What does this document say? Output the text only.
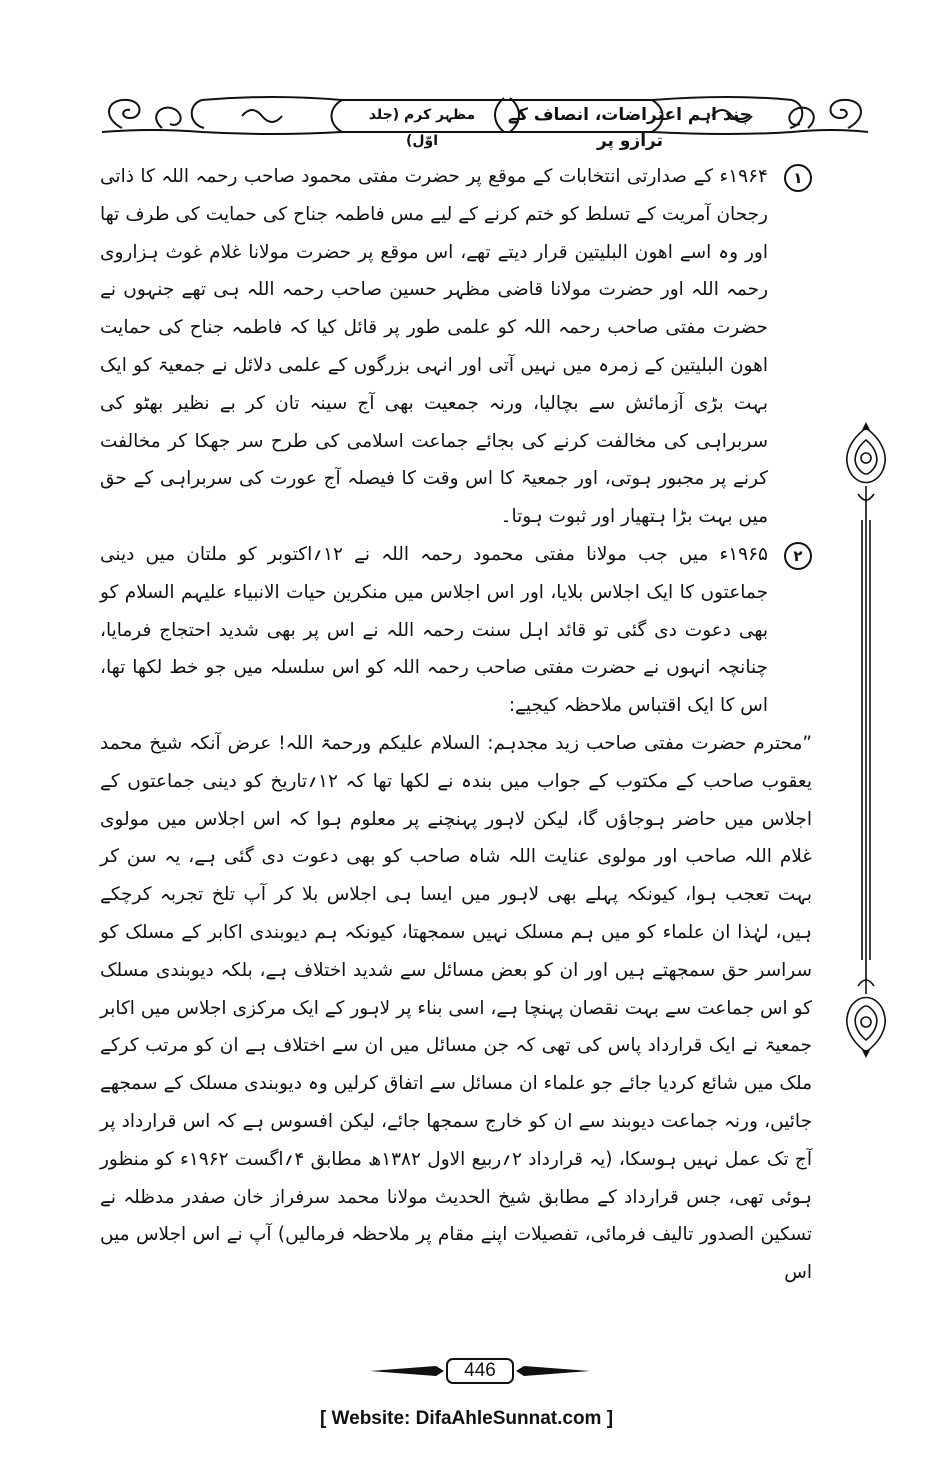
چند اہم اعتراضات، انصاف کے ترازو پر
مظہر کرم (جلد اوّل)

۱
۱۹۶۴ء کے صدارتی انتخابات کے موقع پر حضرت مفتی محمود صاحب رحمہ اللہ کا ذاتی رجحان آمریت کے تسلط کو ختم کرنے کے لیے مس فاطمہ جناح کی حمایت کی طرف تھا اور وہ اسے اھون البلیتین قرار دیتے تھے، اس موقع پر حضرت مولانا غلام غوث ہزاروی رحمہ اللہ اور حضرت مولانا قاضی مظہر حسین صاحب رحمہ اللہ ہی تھے جنہوں نے حضرت مفتی صاحب رحمہ اللہ کو علمی طور پر قائل کیا کہ فاطمہ جناح کی حمایت اھون البلیتین کے زمرہ میں نہیں آتی اور انہی بزرگوں کے علمی دلائل نے جمعیۃ کو ایک بہت بڑی آزمائش سے بچالیا، ورنہ جمعیت بھی آج سینہ تان کر بے نظیر بھٹو کی سربراہی کی مخالفت کرنے کی بجائے جماعت اسلامی کی طرح سر جھکا کر مخالفت کرنے پر مجبور ہوتی، اور جمعیۃ کا اس وقت کا فیصلہ آج عورت کی سربراہی کے حق میں بہت بڑا ہتھیار اور ثبوت ہوتا۔

۲
۱۹۶۵ء میں جب مولانا مفتی محمود رحمہ اللہ نے ۱۲؍اکتوبر کو ملتان میں دینی جماعتوں کا ایک اجلاس بلایا، اور اس اجلاس میں منکرین حیات الانبیاء علیہم السلام کو بھی دعوت دی گئی تو قائد اہل سنت رحمہ اللہ نے اس پر بھی شدید احتجاج فرمایا، چنانچہ انہوں نے حضرت مفتی صاحب رحمہ اللہ کو اس سلسلہ میں جو خط لکھا تھا، اس کا ایک اقتباس ملاحظہ کیجیے:

”محترم حضرت مفتی صاحب زید مجدہم: السلام علیکم ورحمۃ اللہ! عرض آنکہ شیخ محمد یعقوب صاحب کے مکتوب کے جواب میں بندہ نے لکھا تھا کہ ۱۲؍تاریخ کو دینی جماعتوں کے اجلاس میں حاضر ہوجاؤں گا، لیکن لاہور پہنچنے پر معلوم ہوا کہ اس اجلاس میں مولوی غلام اللہ صاحب اور مولوی عنایت اللہ شاہ صاحب کو بھی دعوت دی گئی ہے، یہ سن کر بہت تعجب ہوا، کیونکہ پہلے بھی لاہور میں ایسا ہی اجلاس بلا کر آپ تلخ تجربہ کرچکے ہیں، لہٰذا ان علماء کو میں ہم مسلک نہیں سمجھتا، کیونکہ ہم دیوبندی اکابر کے مسلک کو سراسر حق سمجھتے ہیں اور ان کو بعض مسائل سے شدید اختلاف ہے، بلکہ دیوبندی مسلک کو اس جماعت سے بہت نقصان پہنچا ہے، اسی بناء پر لاہور کے ایک مرکزی اجلاس میں اکابر جمعیۃ نے ایک قرارداد پاس کی تھی کہ جن مسائل میں ان سے اختلاف ہے ان کو مرتب کرکے ملک میں شائع کردیا جائے جو علماء ان مسائل سے اتفاق کرلیں وہ دیوبندی مسلک کے سمجھے جائیں، ورنہ جماعت دیوبند سے ان کو خارج سمجھا جائے، لیکن افسوس ہے کہ اس قرارداد پر آج تک عمل نہیں ہوسکا، (یہ قرارداد ۲؍ربیع الاول ۱۳۸۲ھ مطابق ۴؍اگست ۱۹۶۲ء کو منظور ہوئی تھی، جس قرارداد کے مطابق شیخ الحدیث مولانا محمد سرفراز خان صفدر مدظلہ نے تسکین الصدور تالیف فرمائی، تفصیلات اپنے مقام پر ملاحظہ فرمالیں) آپ نے اس اجلاس میں اس

446
[ Website: DifaAhleSunnat.com ]
